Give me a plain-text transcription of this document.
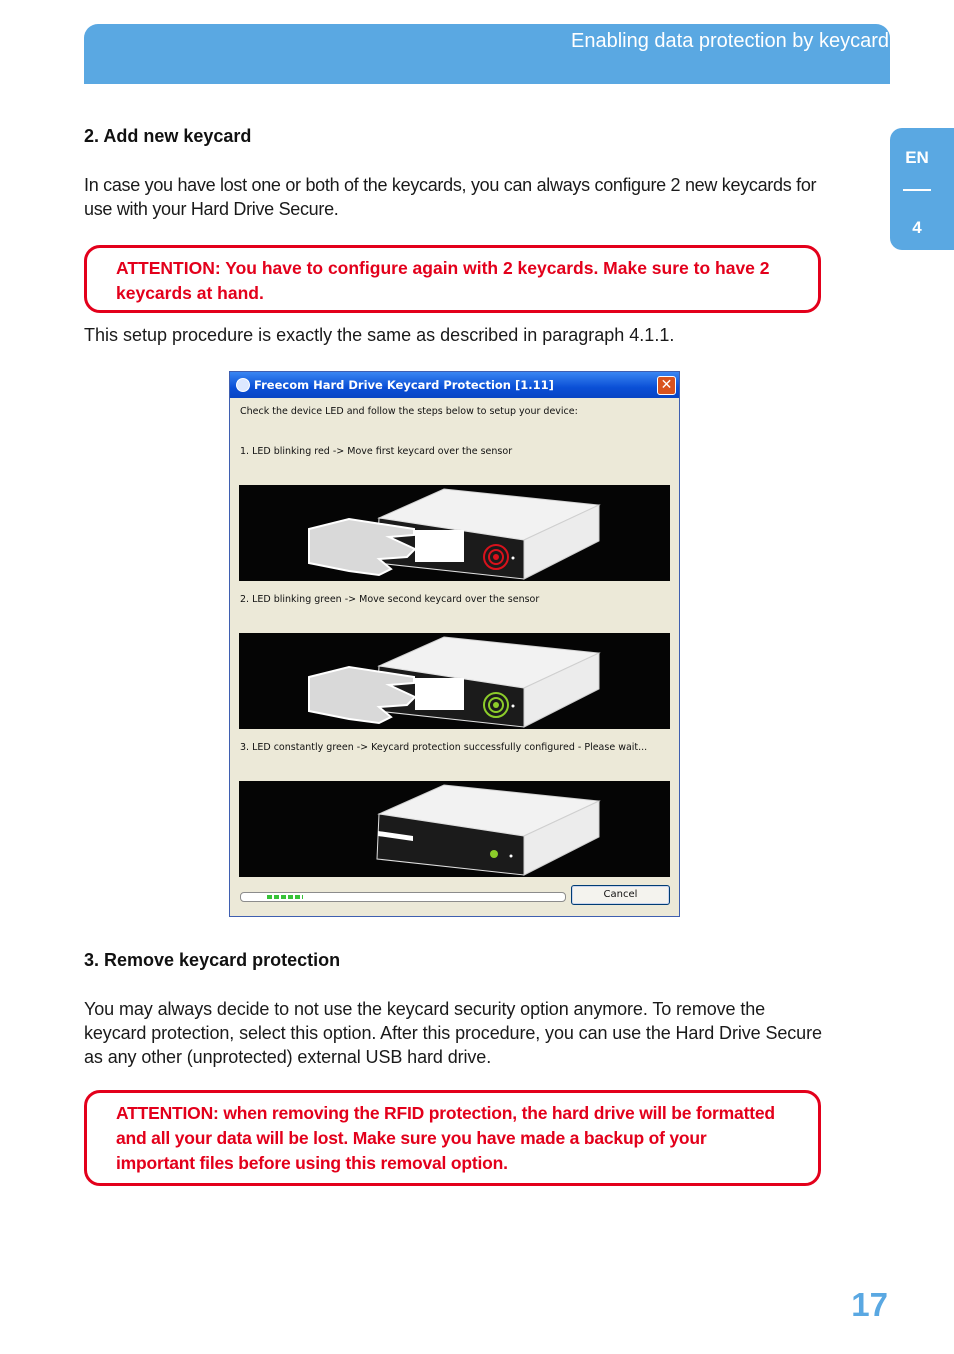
Enabling data protection by keycard
EN
4
2. Add new keycard
In case you have lost one or both of the keycards, you can always configure 2 new keycards for use with your Hard Drive Secure.
ATTENTION: You have to configure again with 2 keycards. Make sure to have 2 keycards at hand.
This setup procedure is exactly the same as described in paragraph 4.1.1.
Freecom Hard Drive Keycard Protection [1.11]	✕
Check the device LED and follow the steps below to setup your device:
1. LED blinking red -> Move first keycard over the sensor
2. LED blinking green -> Move second keycard over the sensor
3. LED constantly green -> Keycard protection successfully configured - Please wait...
Cancel
3. Remove keycard protection
You may always decide to not use the keycard security option anymore. To remove the keycard protection, select this option. After this procedure, you can use the Hard Drive Secure as any other (unprotected) external USB hard drive.
ATTENTION: when removing the RFID protection, the hard drive will be formatted and all your data will be lost. Make sure you have made a backup of your important files before using this removal option.
17
